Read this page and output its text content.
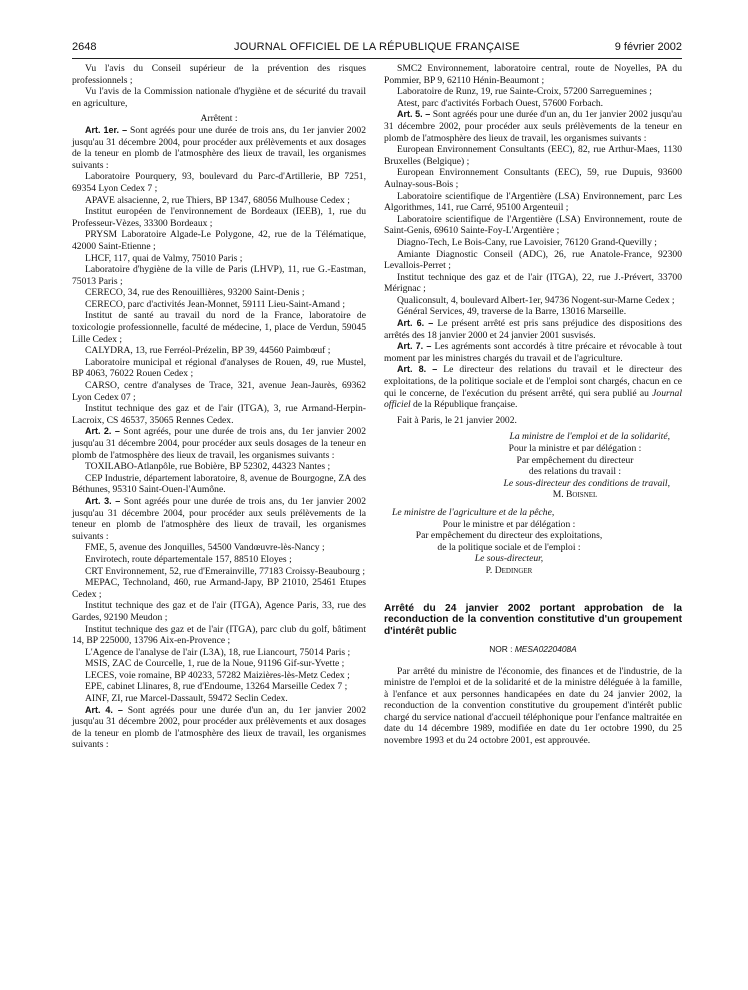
2648	JOURNAL OFFICIEL DE LA RÉPUBLIQUE FRANÇAISE	9 février 2002

Vu l'avis du Conseil supérieur de la prévention des risques professionnels ;

Vu l'avis de la Commission nationale d'hygiène et de sécurité du travail en agriculture,

Arrêtent :

Art. 1er. – Sont agréés pour une durée de trois ans, du 1er janvier 2002 jusqu'au 31 décembre 2004, pour procéder aux prélèvements et aux dosages de la teneur en plomb de l'atmosphère des lieux de travail, les organismes suivants :

Laboratoire Pourquery, 93, boulevard du Parc-d'Artillerie, BP 7251, 69354 Lyon Cedex 7 ;

APAVE alsacienne, 2, rue Thiers, BP 1347, 68056 Mulhouse Cedex ;

Institut européen de l'environnement de Bordeaux (IEEB), 1, rue du Professeur-Vèzes, 33300 Bordeaux ;

PRYSM Laboratoire Algade-Le Polygone, 42, rue de la Télématique, 42000 Saint-Etienne ;

LHCF, 117, quai de Valmy, 75010 Paris ;

Laboratoire d'hygiène de la ville de Paris (LHVP), 11, rue G.-Eastman, 75013 Paris ;

CERECO, 34, rue des Renouillières, 93200 Saint-Denis ;

CERECO, parc d'activités Jean-Monnet, 59111 Lieu-Saint-Amand ;

Institut de santé au travail du nord de la France, laboratoire de toxicologie professionnelle, faculté de médecine, 1, place de Verdun, 59045 Lille Cedex ;

CALYDRA, 13, rue Ferréol-Prézelin, BP 39, 44560 Paimbœuf ;

Laboratoire municipal et régional d'analyses de Rouen, 49, rue Mustel, BP 4063, 76022 Rouen Cedex ;

CARSO, centre d'analyses de Trace, 321, avenue Jean-Jaurès, 69362 Lyon Cedex 07 ;

Institut technique des gaz et de l'air (ITGA), 3, rue Armand-Herpin-Lacroix, CS 46537, 35065 Rennes Cedex.

Art. 2. – Sont agréés, pour une durée de trois ans, du 1er janvier 2002 jusqu'au 31 décembre 2004, pour procéder aux seuls dosages de la teneur en plomb de l'atmosphère des lieux de travail, les organismes suivants :

TOXILABO-Atlanpôle, rue Bobière, BP 52302, 44323 Nantes ;

CEP Industrie, département laboratoire, 8, avenue de Bourgogne, ZA des Béthunes, 95310 Saint-Ouen-l'Aumône.

Art. 3. – Sont agréés pour une durée de trois ans, du 1er janvier 2002 jusqu'au 31 décembre 2004, pour procéder aux seuls prélèvements de la teneur en plomb de l'atmosphère des lieux de travail, les organismes suivants :

FME, 5, avenue des Jonquilles, 54500 Vandœuvre-lès-Nancy ;

Envirotech, route départementale 157, 88510 Eloyes ;

CRT Environnement, 52, rue d'Emerainville, 77183 Croissy-Beaubourg ;

MEPAC, Technoland, 460, rue Armand-Japy, BP 21010, 25461 Etupes Cedex ;

Institut technique des gaz et de l'air (ITGA), Agence Paris, 33, rue des Gardes, 92190 Meudon ;

Institut technique des gaz et de l'air (ITGA), parc club du golf, bâtiment 14, BP 225000, 13796 Aix-en-Provence ;

L'Agence de l'analyse de l'air (L3A), 18, rue Liancourt, 75014 Paris ;

MSIS, ZAC de Courcelle, 1, rue de la Noue, 91196 Gif-sur-Yvette ;

LECES, voie romaine, BP 40233, 57282 Maizières-lès-Metz Cedex ;

EPE, cabinet Llinares, 8, rue d'Endoume, 13264 Marseille Cedex 7 ;

AINF, ZI, rue Marcel-Dassault, 59472 Seclin Cedex.

Art. 4. – Sont agréés pour une durée d'un an, du 1er janvier 2002 jusqu'au 31 décembre 2002, pour procéder aux prélèvements et aux dosages de la teneur en plomb de l'atmosphère des lieux de travail, les organismes suivants :

SMC2 Environnement, laboratoire central, route de Noyelles, PA du Pommier, BP 9, 62110 Hénin-Beaumont ;

Laboratoire de Runz, 19, rue Sainte-Croix, 57200 Sarreguemines ;

Atest, parc d'activités Forbach Ouest, 57600 Forbach.

Art. 5. – Sont agréés pour une durée d'un an, du 1er janvier 2002 jusqu'au 31 décembre 2002, pour procéder aux seuls prélèvements de la teneur en plomb de l'atmosphère des lieux de travail, les organismes suivants :

European Environnement Consultants (EEC), 82, rue Arthur-Maes, 1130 Bruxelles (Belgique) ;

European Environnement Consultants (EEC), 59, rue Dupuis, 93600 Aulnay-sous-Bois ;

Laboratoire scientifique de l'Argentière (LSA) Environnement, parc Les Algorithmes, 141, rue Carré, 95100 Argenteuil ;

Laboratoire scientifique de l'Argentière (LSA) Environnement, route de Saint-Genis, 69610 Sainte-Foy-L'Argentière ;

Diagno-Tech, Le Bois-Cany, rue Lavoisier, 76120 Grand-Quevilly ;

Amiante Diagnostic Conseil (ADC), 26, rue Anatole-France, 92300 Levallois-Perret ;

Institut technique des gaz et de l'air (ITGA), 22, rue J.-Prévert, 33700 Mérignac ;

Qualiconsult, 4, boulevard Albert-1er, 94736 Nogent-sur-Marne Cedex ;

Général Services, 49, traverse de la Barre, 13016 Marseille.

Art. 6. – Le présent arrêté est pris sans préjudice des dispositions des arrêtés des 18 janvier 2000 et 24 janvier 2001 susvisés.

Art. 7. – Les agréments sont accordés à titre précaire et révocable à tout moment par les ministres chargés du travail et de l'agriculture.

Art. 8. – Le directeur des relations du travail et le directeur des exploitations, de la politique sociale et de l'emploi sont chargés, chacun en ce qui le concerne, de l'exécution du présent arrêté, qui sera publié au Journal officiel de la République française.

Fait à Paris, le 21 janvier 2002.

La ministre de l'emploi et de la solidarité,

Pour la ministre et par délégation :

Par empêchement du directeur

des relations du travail :

Le sous-directeur des conditions de travail,

M. Boisnel

Le ministre de l'agriculture et de la pêche,

Pour le ministre et par délégation :

Par empêchement du directeur des exploitations,

de la politique sociale et de l'emploi :

Le sous-directeur,

P. Dedinger

Arrêté du 24 janvier 2002 portant approbation de la reconduction de la convention constitutive d'un groupement d'intérêt public

NOR : MESA0220408A

Par arrêté du ministre de l'économie, des finances et de l'industrie, de la ministre de l'emploi et de la solidarité et de la ministre déléguée à la famille, à l'enfance et aux personnes handicapées en date du 24 janvier 2002, la reconduction de la convention constitutive du groupement d'intérêt public chargé du service national d'accueil téléphonique pour l'enfance maltraitée en date du 14 décembre 1989, modifiée en date du 1er octobre 1990, du 25 novembre 1993 et du 24 octobre 2001, est approuvée.
